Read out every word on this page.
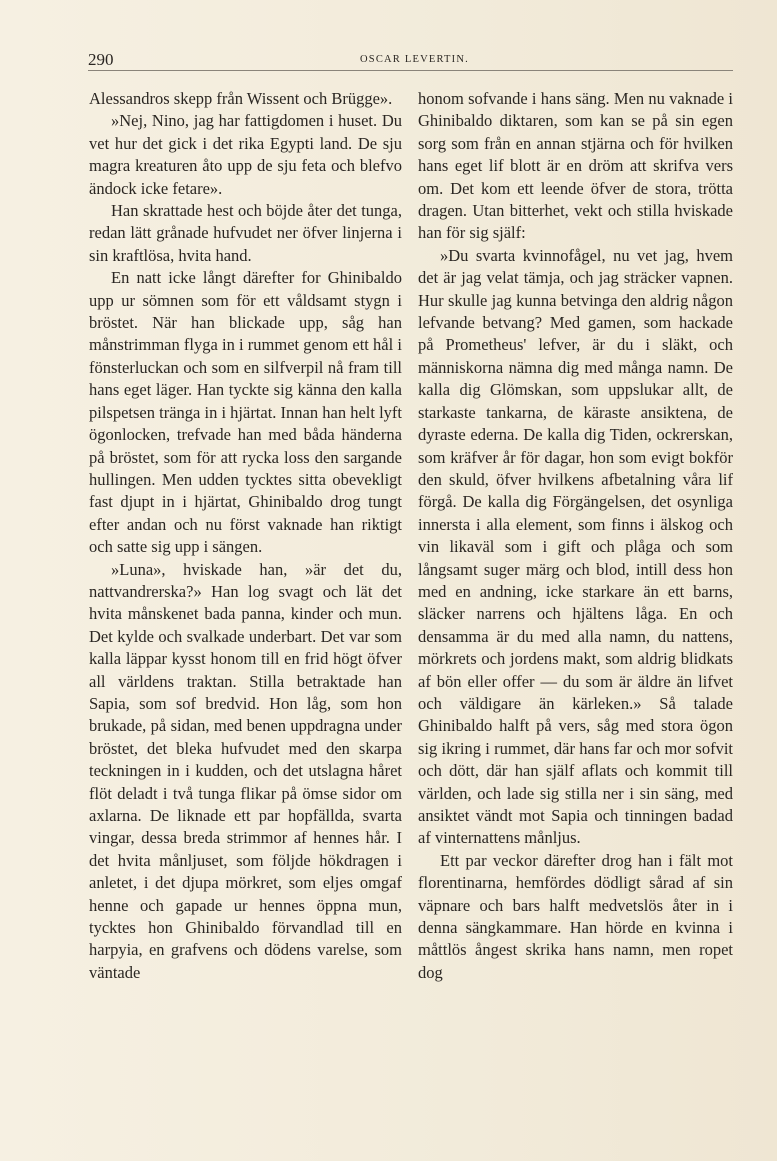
290	OSCAR LEVERTIN.

Alessandros skepp från Wissent och Brügge».

»Nej, Nino, jag har fattigdomen i huset. Du vet hur det gick i det rika Egypti land. De sju magra kreaturen åto upp de sju feta och blefvo ändock icke fetare».

Han skrattade hest och böjde åter det tunga, redan lätt grånade hufvudet ner öfver linjerna i sin kraftlösa, hvita hand.

En natt icke långt därefter for Ghinibaldo upp ur sömnen som för ett våldsamt stygn i bröstet. När han blickade upp, såg han månstrimman flyga in i rummet genom ett hål i fönsterluckan och som en silfverpil nå fram till hans eget läger. Han tyckte sig känna den kalla pilspetsen tränga in i hjärtat. Innan han helt lyft ögonlocken, trefvade han med båda händerna på bröstet, som för att rycka loss den sargande hullingen. Men udden tycktes sitta obevekligt fast djupt in i hjärtat, Ghinibaldo drog tungt efter andan och nu först vaknade han riktigt och satte sig upp i sängen.

»Luna», hviskade han, »är det du, nattvandrerska?» Han log svagt och lät det hvita månskenet bada panna, kinder och mun. Det kylde och svalkade underbart. Det var som kalla läppar kysst honom till en frid högt öfver all världens traktan. Stilla betraktade han Sapia, som sof bredvid. Hon låg, som hon brukade, på sidan, med benen uppdragna under bröstet, det bleka hufvudet med den skarpa teckningen in i kudden, och det utslagna håret flöt deladt i två tunga flikar på ömse sidor om axlarna. De liknade ett par hopfällda, svarta vingar, dessa breda strimmor af hennes hår. I det hvita månljuset, som följde hökdragen i anletet, i det djupa mörkret, som eljes omgaf henne och gapade ur hennes öppna mun, tycktes hon Ghinibaldo förvandlad till en harpyia, en grafvens och dödens varelse, som väntade

honom sofvande i hans säng. Men nu vaknade i Ghinibaldo diktaren, som kan se på sin egen sorg som från en annan stjärna och för hvilken hans eget lif blott är en dröm att skrifva vers om. Det kom ett leende öfver de stora, trötta dragen. Utan bitterhet, vekt och stilla hviskade han för sig själf:

»Du svarta kvinnofågel, nu vet jag, hvem det är jag velat tämja, och jag sträcker vapnen. Hur skulle jag kunna betvinga den aldrig någon lefvande betvang? Med gamen, som hackade på Prometheus' lefver, är du i släkt, och människorna nämna dig med många namn. De kalla dig Glömskan, som uppslukar allt, de starkaste tankarna, de käraste ansiktena, de dyraste ederna. De kalla dig Tiden, ockrerskan, som kräfver år för dagar, hon som evigt bokför den skuld, öfver hvilkens afbetalning våra lif förgå. De kalla dig Förgängelsen, det osynliga innersta i alla element, som finns i älskog och vin likaväl som i gift och plåga och som långsamt suger märg och blod, intill dess hon med en andning, icke starkare än ett barns, släcker narrens och hjältens låga. En och densamma är du med alla namn, du nattens, mörkrets och jordens makt, som aldrig blidkats af bön eller offer — du som är äldre än lifvet och väldigare än kärleken.» Så talade Ghinibaldo halft på vers, såg med stora ögon sig ikring i rummet, där hans far och mor sofvit och dött, där han själf aflats och kommit till världen, och lade sig stilla ner i sin säng, med ansiktet vändt mot Sapia och tinningen badad af vinternattens månljus.

Ett par veckor därefter drog han i fält mot florentinarna, hemfördes dödligt sårad af sin väpnare och bars halft medvetslös åter in i denna sängkammare. Han hörde en kvinna i måttlös ångest skrika hans namn, men ropet dog
